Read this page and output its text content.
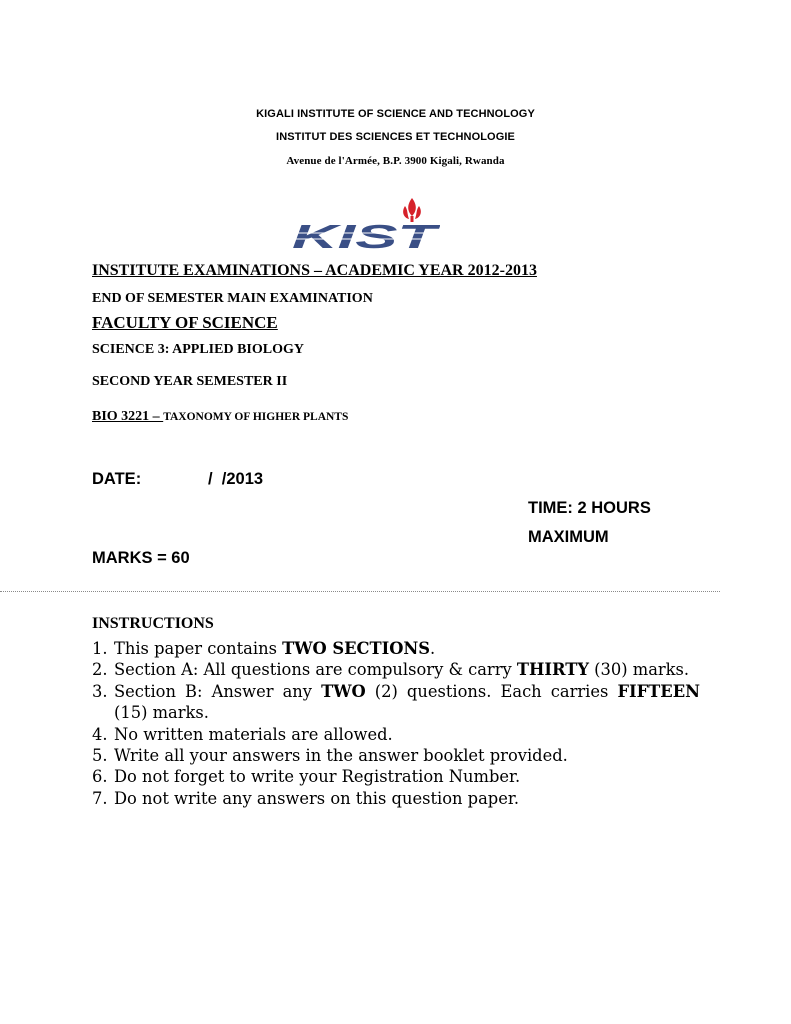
KIGALI INSTITUTE OF SCIENCE AND TECHNOLOGY
INSTITUT DES SCIENCES ET TECHNOLOGIE
Avenue de l'Armée, B.P. 3900 Kigali, Rwanda
KIST
INSTITUTE EXAMINATIONS – ACADEMIC YEAR 2012-2013
END OF SEMESTER MAIN EXAMINATION
FACULTY OF SCIENCE
SCIENCE 3: APPLIED BIOLOGY
SECOND YEAR SEMESTER II
BIO 3221 – TAXONOMY OF HIGHER PLANTS
DATE:	/  /2013
TIME: 2 HOURS
MAXIMUM
MARKS = 60
INSTRUCTIONS
1. This paper contains TWO SECTIONS.
2. Section A: All questions are compulsory & carry THIRTY (30) marks.
3. Section B: Answer any TWO (2) questions. Each carries FIFTEEN (15) marks.
4. No written materials are allowed.
5. Write all your answers in the answer booklet provided.
6. Do not forget to write your Registration Number.
7. Do not write any answers on this question paper.
